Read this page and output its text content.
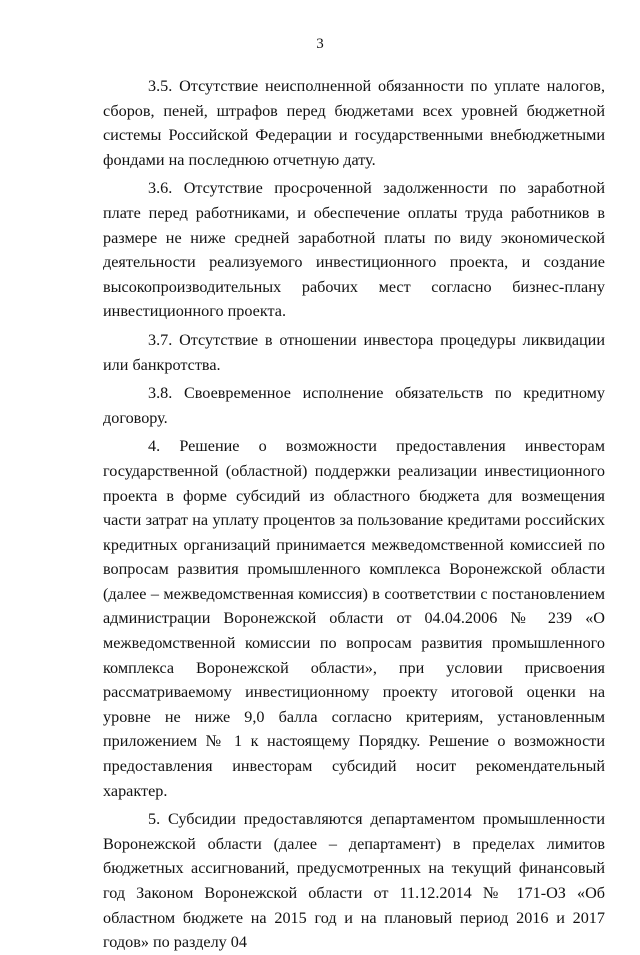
3

3.5. Отсутствие неисполненной обязанности по уплате налогов, сборов, пеней, штрафов перед бюджетами всех уровней бюджетной системы Российской Федерации и государственными внебюджетными фондами на последнюю отчетную дату.

3.6. Отсутствие просроченной задолженности по заработной плате перед работниками, и обеспечение оплаты труда работников в размере не ниже средней заработной платы по виду экономической деятельности реализуемого инвестиционного проекта, и создание высокопроизводительных рабочих мест согласно бизнес-плану инвестиционного проекта.

3.7. Отсутствие в отношении инвестора процедуры ликвидации или банкротства.

3.8. Своевременное исполнение обязательств по кредитному договору.

4. Решение о возможности предоставления инвесторам государственной (областной) поддержки реализации инвестиционного проекта в форме субсидий из областного бюджета для возмещения части затрат на уплату процентов за пользование кредитами российских кредитных организаций принимается межведомственной комиссией по вопросам развития промышленного комплекса Воронежской области (далее – межведомственная комиссия) в соответствии с постановлением администрации Воронежской области от 04.04.2006 № 239 «О межведомственной комиссии по вопросам развития промышленного комплекса Воронежской области», при условии присвоения рассматриваемому инвестиционному проекту итоговой оценки на уровне не ниже 9,0 балла согласно критериям, установленным приложением № 1 к настоящему Порядку. Решение о возможности предоставления инвесторам субсидий носит рекомендательный характер.

5. Субсидии предоставляются департаментом промышленности Воронежской области (далее – департамент) в пределах лимитов бюджетных ассигнований, предусмотренных на текущий финансовый год Законом Воронежской области от 11.12.2014 № 171-ОЗ «Об областном бюджете на 2015 год и на плановый период 2016 и 2017 годов» по разделу 04
